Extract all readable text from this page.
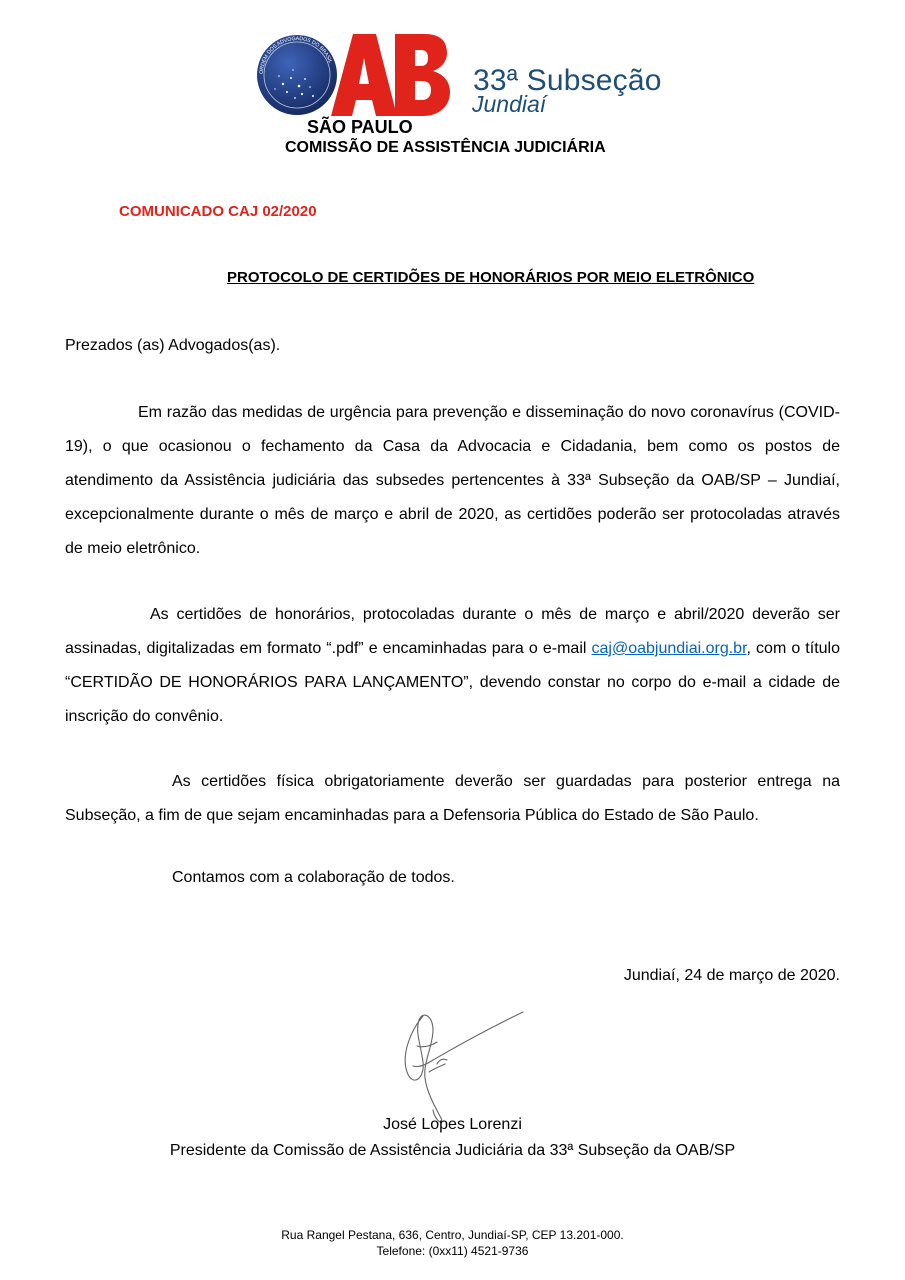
ORDEM DOS ADVOGADOS DO BRASIL
33ª Subseção
Jundiaí
SÃO PAULO
COMISSÃO DE ASSISTÊNCIA JUDICIÁRIA
COMUNICADO CAJ 02/2020
PROTOCOLO DE CERTIDÕES DE HONORÁRIOS POR MEIO ELETRÔNICO
Prezados (as) Advogados(as).
Em razão das medidas de urgência para prevenção e disseminação do novo coronavírus (COVID-19), o que ocasionou o fechamento da Casa da Advocacia e Cidadania, bem como os postos de atendimento da Assistência judiciária das subsedes pertencentes à 33ª Subseção da OAB/SP – Jundiaí, excepcionalmente durante o mês de março e abril de 2020, as certidões poderão ser protocoladas através de meio eletrônico.
As certidões de honorários, protocoladas durante o mês de março e abril/2020 deverão ser assinadas, digitalizadas em formato “.pdf” e encaminhadas para o e-mail caj@oabjundiai.org.br, com o título “CERTIDÃO DE HONORÁRIOS PARA LANÇAMENTO”, devendo constar no corpo do e-mail a cidade de inscrição do convênio.
As certidões física obrigatoriamente deverão ser guardadas para posterior entrega na Subseção, a fim de que sejam encaminhadas para a Defensoria Pública do Estado de São Paulo.
Contamos com a colaboração de todos.
Jundiaí, 24 de março de 2020.
José Lopes Lorenzi
Presidente da Comissão de Assistência Judiciária da 33ª Subseção da OAB/SP
Rua Rangel Pestana, 636, Centro, Jundiaí-SP, CEP 13.201-000.
Telefone: (0xx11) 4521-9736
